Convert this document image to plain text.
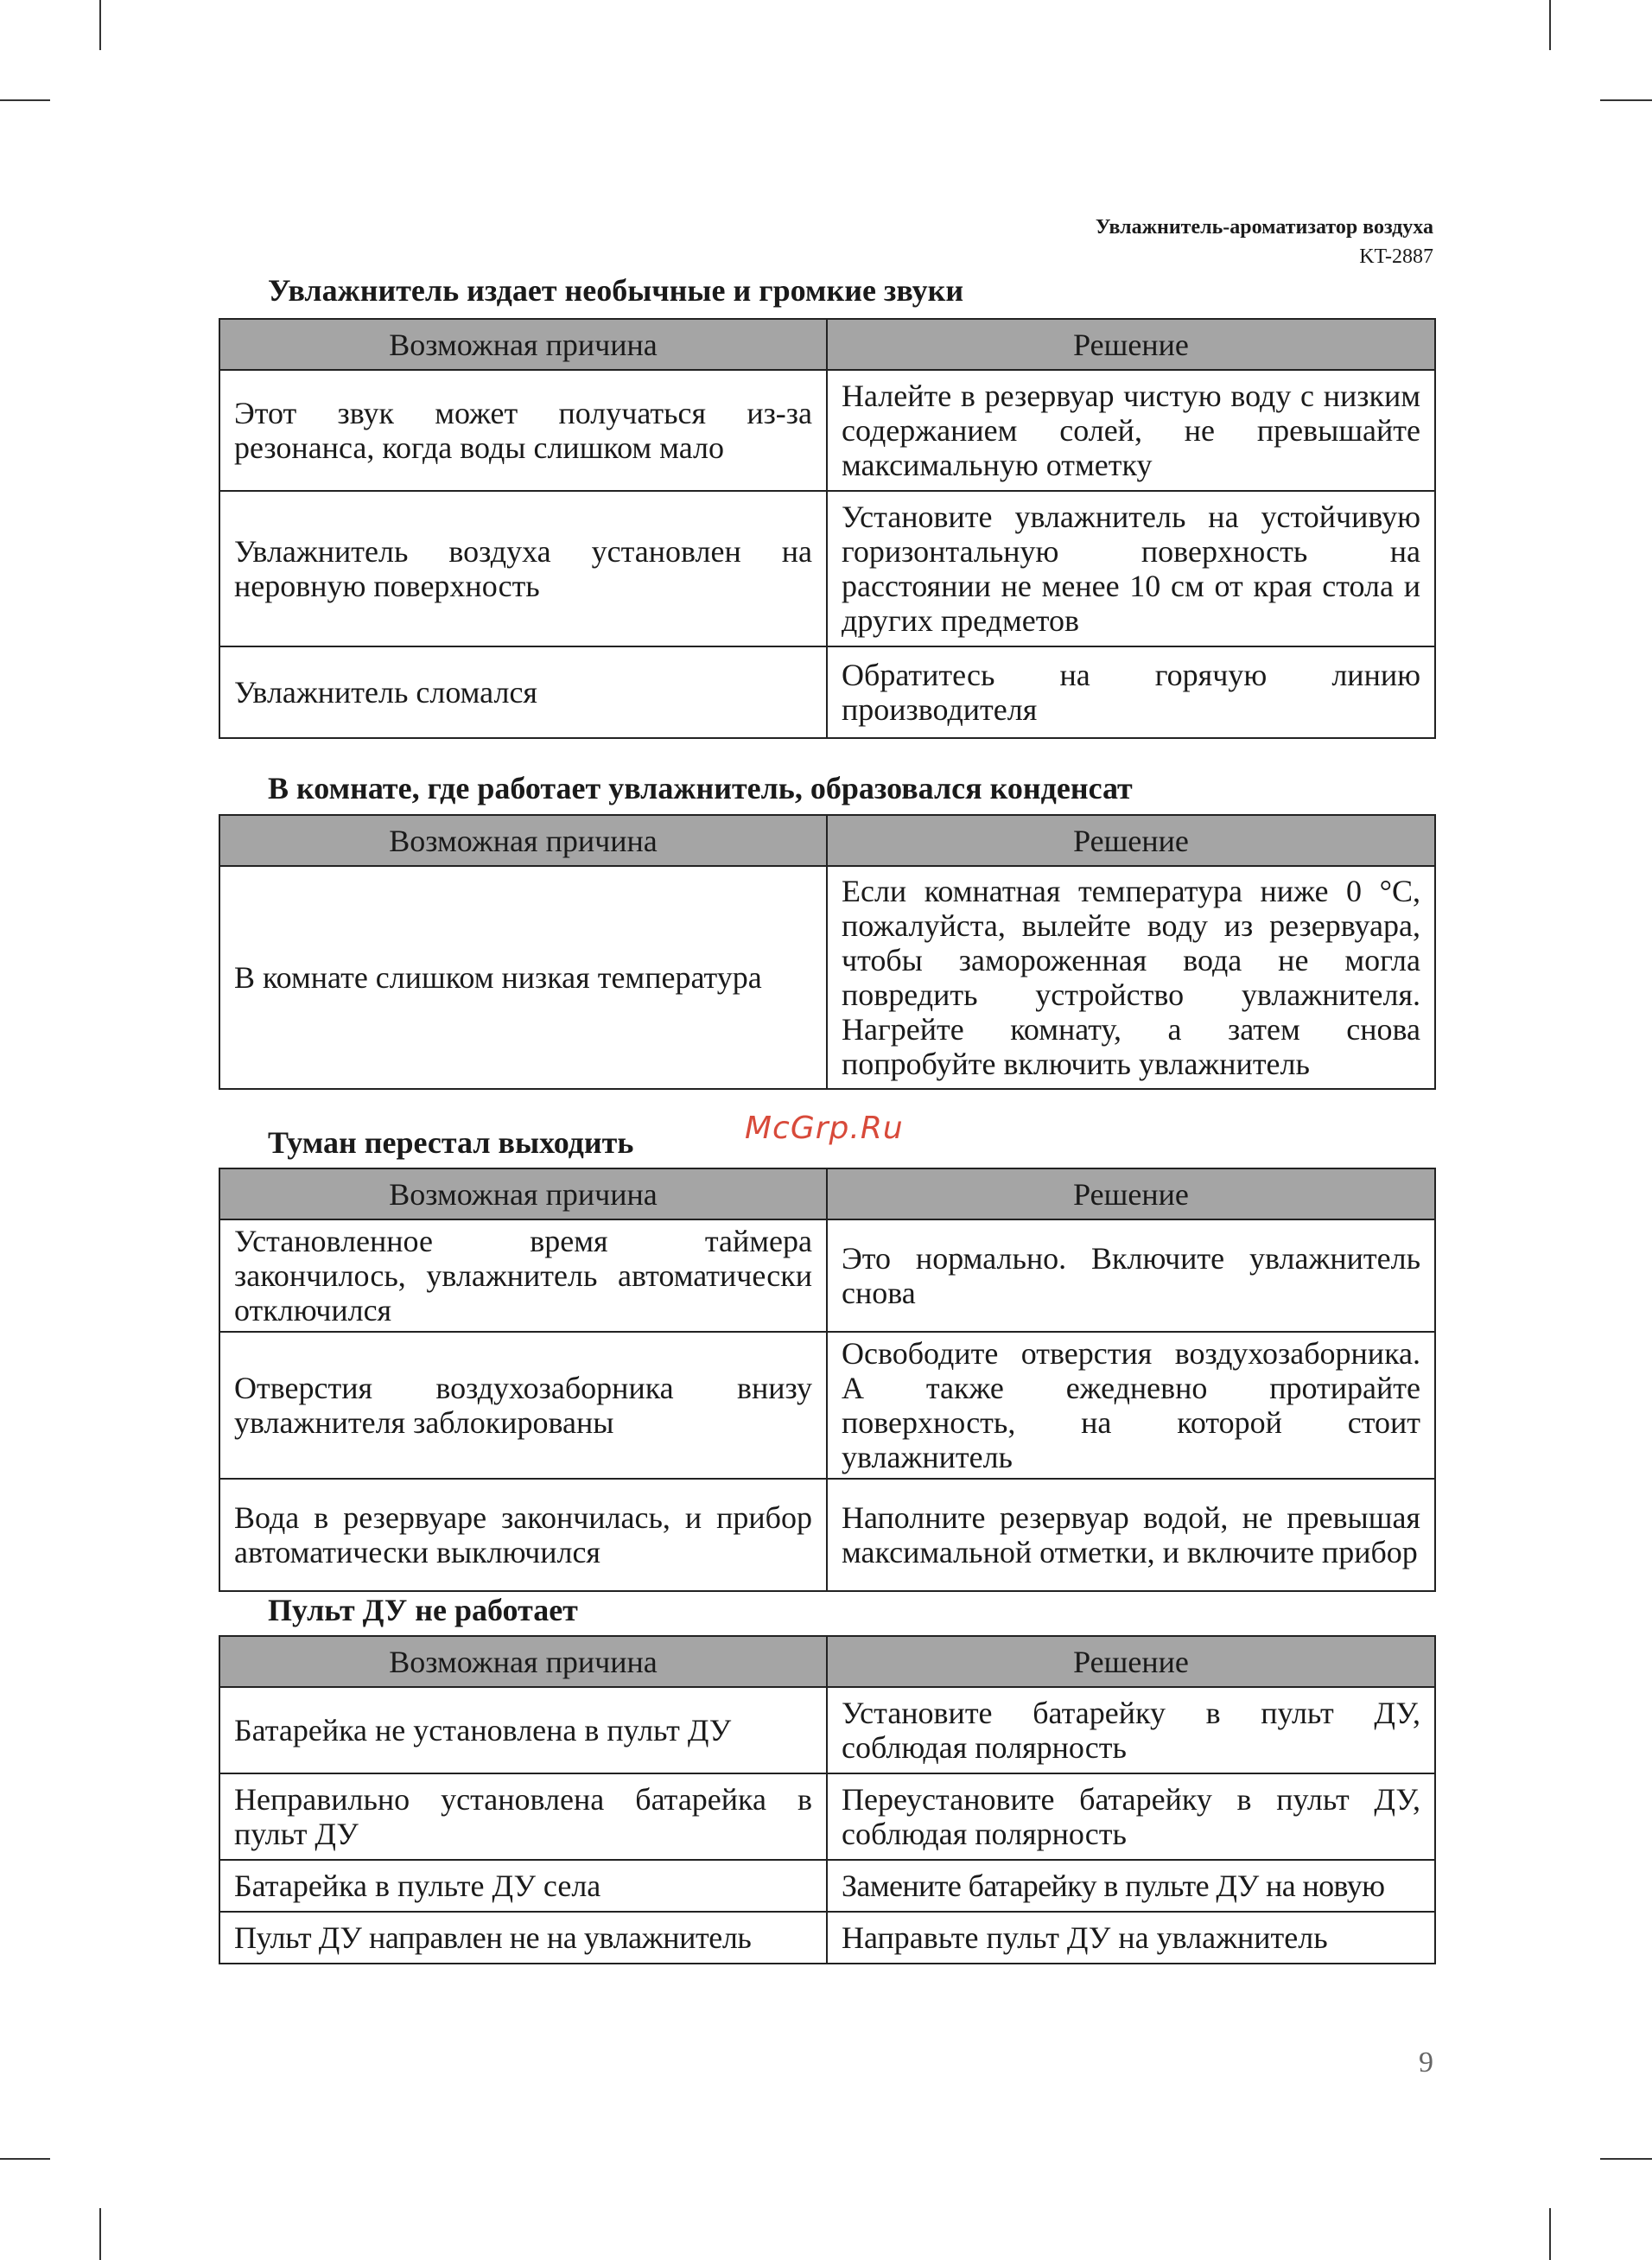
Увлажнитель-ароматизатор воздуха
KT-2887
Увлажнитель издает необычные и громкие звуки
Возможная причина	Решение
Этот звук может получаться из-за резонанса, когда воды слишком мало	Налейте в резервуар чистую воду с низким содержанием солей, не превышайте максимальную отметку
Увлажнитель воздуха установлен на неровную поверхность	Установите увлажнитель на устойчивую горизонтальную поверхность на расстоянии не менее 10 см от края стола и других предметов
Увлажнитель сломался	Обратитесь на горячую линию производителя
В комнате, где работает увлажнитель, образовался конденсат
Возможная причина	Решение
В комнате слишком низкая температура	Если комнатная температура ниже 0 °C, пожалуйста, вылейте воду из резервуара, чтобы замороженная вода не могла повредить устройство увлажнителя. Нагрейте комнату, а затем снова попробуйте включить увлажнитель
Туман перестал выходить	McGrp.Ru
Возможная причина	Решение
Установленное время таймера закончилось, увлажнитель автоматически отключился	Это нормально. Включите увлажнитель снова
Отверстия воздухозаборника внизу увлажнителя заблокированы	Освободите отверстия воздухозаборника. А также ежедневно протирайте поверхность, на которой стоит увлажнитель
Вода в резервуаре закончилась, и прибор автоматически выключился	Наполните резервуар водой, не превышая максимальной отметки, и включите прибор
Пульт ДУ не работает
Возможная причина	Решение
Батарейка не установлена в пульт ДУ	Установите батарейку в пульт ДУ, соблюдая полярность
Неправильно установлена батарейка в пульт ДУ	Переустановите батарейку в пульт ДУ, соблюдая полярность
Батарейка в пульте ДУ села	Замените батарейку в пульте ДУ на новую
Пульт ДУ направлен не на увлажнитель	Направьте пульт ДУ на увлажнитель
9
